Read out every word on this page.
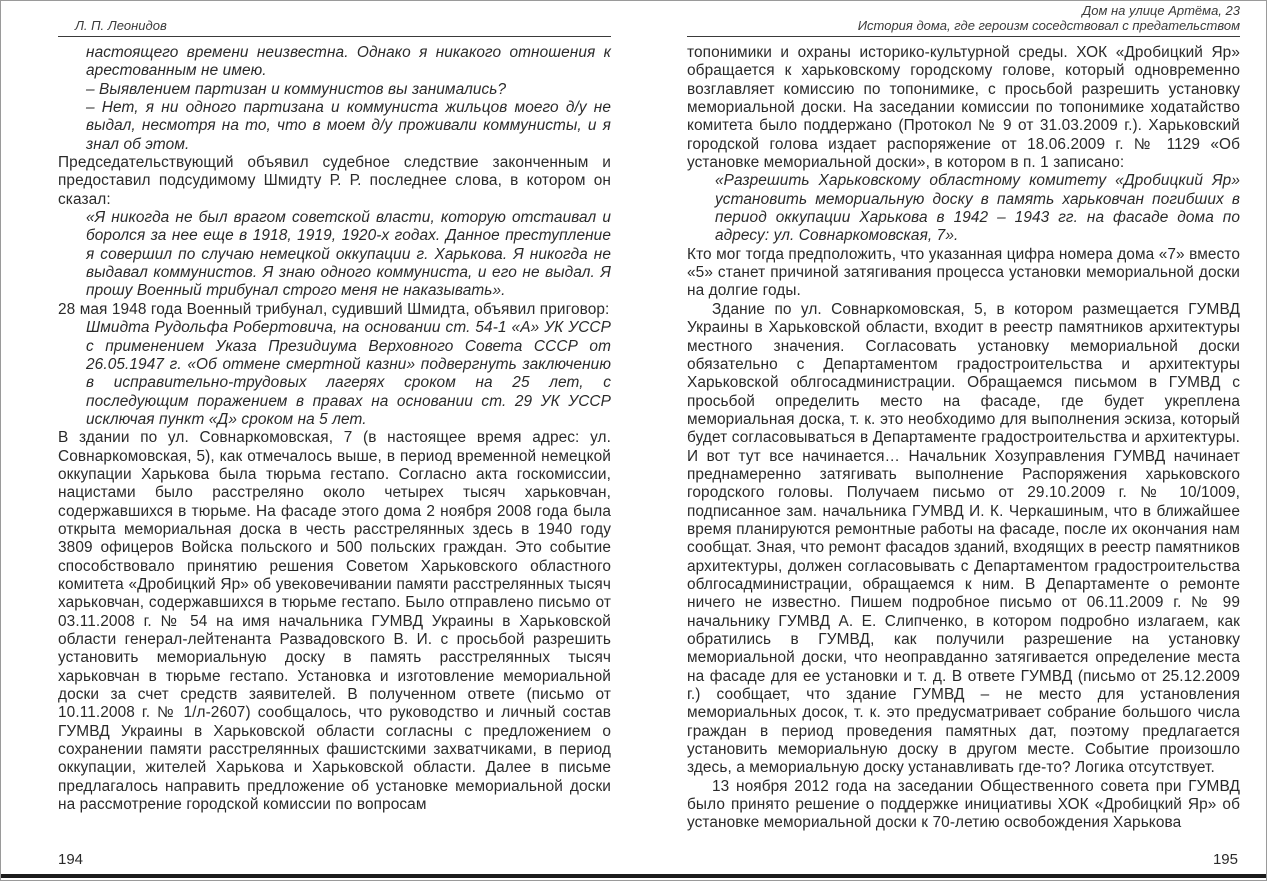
Л. П. Леонидов

настоящего времени неизвестна. Однако я никакого отношения к арестованным не имею.

– Выявлением партизан и коммунистов вы занимались?

– Нет, я ни одного партизана и коммуниста жильцов моего д/у не выдал, несмотря на то, что в моем д/у проживали коммунисты, и я знал об этом.

Председательствующий объявил судебное следствие законченным и предоставил подсудимому Шмидту Р. Р. последнее слова, в котором он сказал:

«Я никогда не был врагом советской власти, которую отстаивал и боролся за нее еще в 1918, 1919, 1920-х годах. Данное преступление я совершил по случаю немецкой оккупации г. Харькова. Я никогда не выдавал коммунистов. Я знаю одного коммуниста, и его не выдал. Я прошу Военный трибунал строго меня не наказывать».

28 мая 1948 года Военный трибунал, судивший Шмидта, объявил приговор:

Шмидта Рудольфа Робертовича, на основании ст. 54-1 «А» УК УССР с применением Указа Президиума Верховного Совета СССР от 26.05.1947 г. «Об отмене смертной казни» подвергнуть заключению в исправительно-трудовых лагерях сроком на 25 лет, с последующим поражением в правах на основании ст. 29 УК УССР исключая пункт «Д» сроком на 5 лет.

В здании по ул. Совнаркомовская, 7 (в настоящее время адрес: ул. Совнаркомовская, 5), как отмечалось выше, в период временной немецкой оккупации Харькова была тюрьма гестапо. Согласно акта госкомиссии, нацистами было расстреляно около четырех тысяч харьковчан, содержавшихся в тюрьме. На фасаде этого дома 2 ноября 2008 года была открыта мемориальная доска в честь расстрелянных здесь в 1940 году 3809 офицеров Войска польского и 500 польских граждан. Это событие способствовало принятию решения Советом Харьковского областного комитета «Дробицкий Яр» об увековечивании памяти расстрелянных тысяч харьковчан, содержавшихся в тюрьме гестапо. Было отправлено письмо от 03.11.2008 г. № 54 на имя начальника ГУМВД Украины в Харьковской области генерал-лейтенанта Развадовского В. И. с просьбой разрешить установить мемориальную доску в память расстрелянных тысяч харьковчан в тюрьме гестапо. Установка и изготовление мемориальной доски за счет средств заявителей. В полученном ответе (письмо от 10.11.2008 г. № 1/л-2607) сообщалось, что руководство и личный состав ГУМВД Украины в Харьковской области согласны с предложением о сохранении памяти расстрелянных фашистскими захватчиками, в период оккупации, жителей Харькова и Харьковской области. Далее в письме предлагалось направить предложение об установке мемориальной доски на рассмотрение городской комиссии по вопросам

Дом на улице Артёма, 23
История дома, где героизм соседствовал с предательством

топонимики и охраны историко-культурной среды. ХОК «Дробицкий Яр» обращается к харьковскому городскому голове, который одновременно возглавляет комиссию по топонимике, с просьбой разрешить установку мемориальной доски. На заседании комиссии по топонимике ходатайство комитета было поддержано (Протокол № 9 от 31.03.2009 г.). Харьковский городской голова издает распоряжение от 18.06.2009 г. № 1129 «Об установке мемориальной доски», в котором в п. 1 записано:

«Разрешить Харьковскому областному комитету «Дробицкий Яр» установить мемориальную доску в память харьковчан погибших в период оккупации Харькова в 1942 – 1943 гг. на фасаде дома по адресу: ул. Совнаркомовская, 7».

Кто мог тогда предположить, что указанная цифра номера дома «7» вместо «5» станет причиной затягивания процесса установки мемориальной доски на долгие годы.

Здание по ул. Совнаркомовская, 5, в котором размещается ГУМВД Украины в Харьковской области, входит в реестр памятников архитектуры местного значения. Согласовать установку мемориальной доски обязательно с Департаментом градостроительства и архитектуры Харьковской облгосадминистрации. Обращаемся письмом в ГУМВД с просьбой определить место на фасаде, где будет укреплена мемориальная доска, т. к. это необходимо для выполнения эскиза, который будет согласовываться в Департаменте градостроительства и архитектуры. И вот тут все начинается… Начальник Хозуправления ГУМВД начинает преднамеренно затягивать выполнение Распоряжения харьковского городского головы. Получаем письмо от 29.10.2009 г. № 10/1009, подписанное зам. начальника ГУМВД И. К. Черкашиным, что в ближайшее время планируются ремонтные работы на фасаде, после их окончания нам сообщат. Зная, что ремонт фасадов зданий, входящих в реестр памятников архитектуры, должен согласовывать с Департаментом градостроительства облгосадминистрации, обращаемся к ним. В Департаменте о ремонте ничего не известно. Пишем подробное письмо от 06.11.2009 г. № 99 начальнику ГУМВД А. Е. Слипченко, в котором подробно излагаем, как обратились в ГУМВД, как получили разрешение на установку мемориальной доски, что неоправданно затягивается определение места на фасаде для ее установки и т. д. В ответе ГУМВД (письмо от 25.12.2009 г.) сообщает, что здание ГУМВД – не место для установления мемориальных досок, т. к. это предусматривает собрание большого числа граждан в период проведения памятных дат, поэтому предлагается установить мемориальную доску в другом месте. Событие произошло здесь, а мемориальную доску устанавливать где-то? Логика отсутствует.

13 ноября 2012 года на заседании Общественного совета при ГУМВД было принято решение о поддержке инициативы ХОК «Дробицкий Яр» об установке мемориальной доски к 70-летию освобождения Харькова

194	195
